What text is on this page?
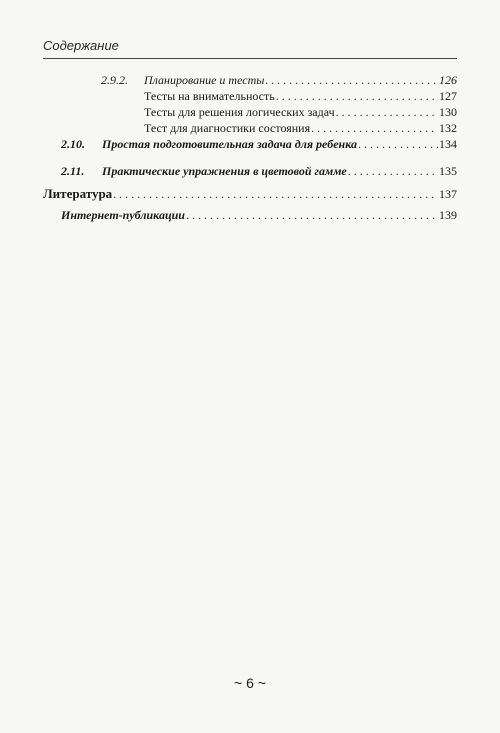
Содержание
2.9.2.	Планирование и тесты . . .	126
Тесты на внимательность . . .	127
Тесты для решения логических задач . . .	130
Тест для диагностики состояния . . .	132
2.10.	Простая подготовительная задача для ребенка . . .	134
2.11.	Практические упражнения в цветовой гамме . . .	135
Литература . . .	137
Интернет-публикации . . .	139
~ 6 ~
